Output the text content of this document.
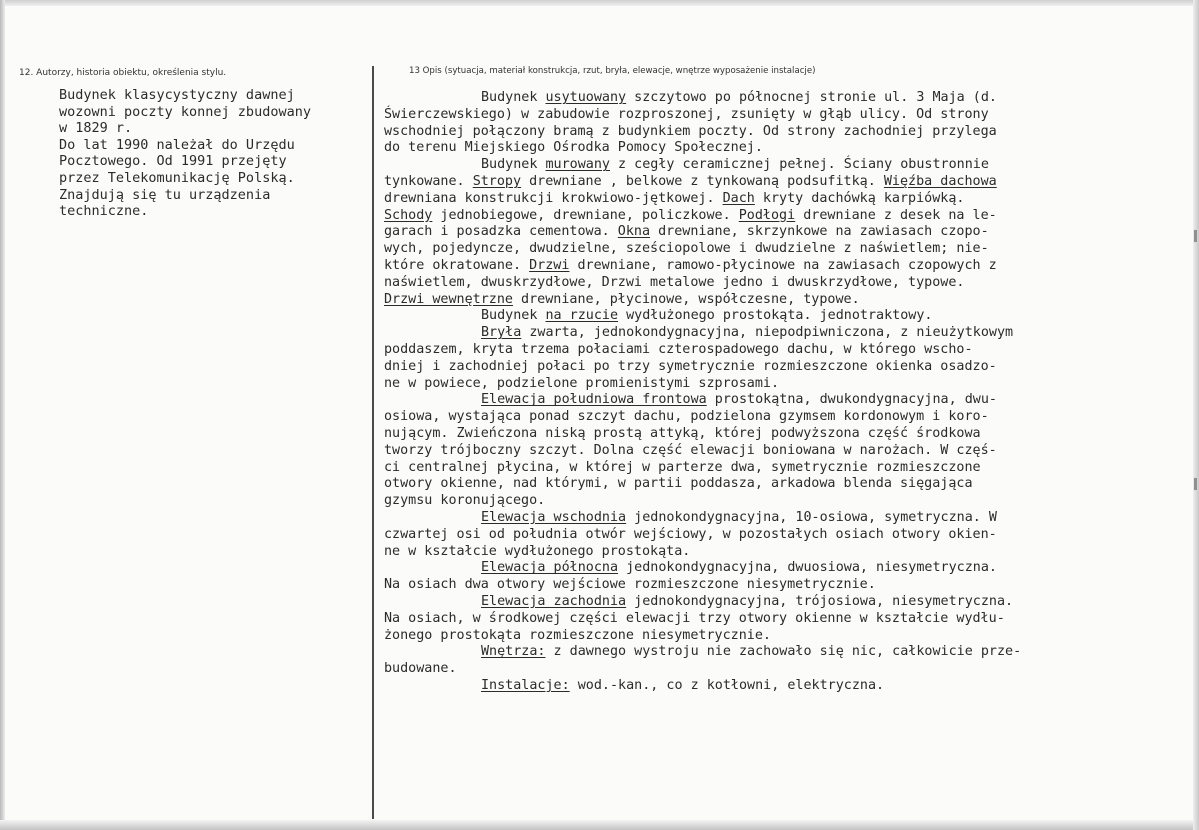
12. Autorzy, historia obiektu, określenia stylu.	13 Opis (sytuacja, materiał konstrukcja, rzut, bryła, elewacje, wnętrze wyposażenie instalacje)
Budynek klasycystyczny dawnej
wozowni poczty konnej zbudowany
w 1829 r.
Do lat 1990 należał do Urzędu
Pocztowego. Od 1991 przejęty
przez Telekomunikację Polską.
Znajdują się tu urządzenia
techniczne.
Budynek usytuowany szczytowo po północnej stronie ul. 3 Maja (d.
Świerczewskiego) w zabudowie rozproszonej, zsunięty w głąb ulicy. Od strony
wschodniej połączony bramą z budynkiem poczty. Od strony zachodniej przylega
do terenu Miejskiego Ośrodka Pomocy Społecznej.
Budynek murowany z cegły ceramicznej pełnej. Ściany obustronnie
tynkowane. Stropy drewniane , belkowe z tynkowaną podsufitką. Więźba dachowa
drewniana konstrukcji krokwiowo-jętkowej. Dach kryty dachówką karpiówką.
Schody jednobiegowe, drewniane, policzkowe. Podłogi drewniane z desek na le-
garach i posadzka cementowa. Okna drewniane, skrzynkowe na zawiasach czopo-
wych, pojedyncze, dwudzielne, sześciopolowe i dwudzielne z naświetlem; nie-
które okratowane. Drzwi drewniane, ramowo-płycinowe na zawiasach czopowych z
naświetlem, dwuskrzydłowe, Drzwi metalowe jedno i dwuskrzydłowe, typowe.
Drzwi wewnętrzne drewniane, płycinowe, współczesne, typowe.
Budynek na rzucie wydłużonego prostokąta. jednotraktowy.
Bryła zwarta, jednokondygnacyjna, niepodpiwniczona, z nieużytkowym
poddaszem, kryta trzema połaciami czterospadowego dachu, w którego wscho-
dniej i zachodniej połaci po trzy symetrycznie rozmieszczone okienka osadzo-
ne w powiece, podzielone promienistymi szprosami.
Elewacja południowa frontowa prostokątna, dwukondygnacyjna, dwu-
osiowa, wystająca ponad szczyt dachu, podzielona gzymsem kordonowym i koro-
nującym. Zwieńczona niską prostą attyką, której podwyższona część środkowa
tworzy trójboczny szczyt. Dolna część elewacji boniowana w narożach. W częś-
ci centralnej płycina, w której w parterze dwa, symetrycznie rozmieszczone
otwory okienne, nad którymi, w partii poddasza, arkadowa blenda sięgająca
gzymsu koronującego.
Elewacja wschodnia jednokondygnacyjna, 10-osiowa, symetryczna. W
czwartej osi od południa otwór wejściowy, w pozostałych osiach otwory okien-
ne w kształcie wydłużonego prostokąta.
Elewacja północna jednokondygnacyjna, dwuosiowa, niesymetryczna.
Na osiach dwa otwory wejściowe rozmieszczone niesymetrycznie.
Elewacja zachodnia jednokondygnacyjna, trójosiowa, niesymetryczna.
Na osiach, w środkowej części elewacji trzy otwory okienne w kształcie wydłu-
żonego prostokąta rozmieszczone niesymetrycznie.
Wnętrza: z dawnego wystroju nie zachowało się nic, całkowicie prze-
budowane.
Instalacje: wod.-kan., co z kotłowni, elektryczna.
